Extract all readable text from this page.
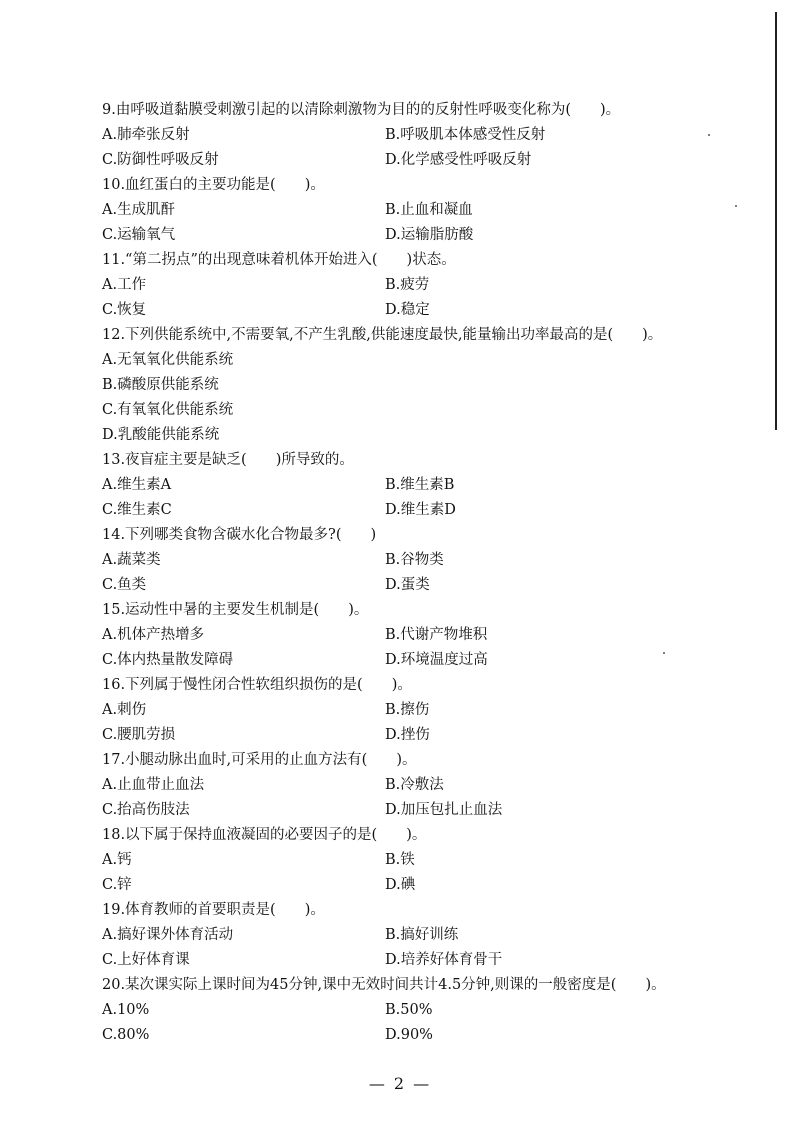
9.由呼吸道黏膜受刺激引起的以清除刺激物为目的的反射性呼吸变化称为(　　)。
A.肺牵张反射	B.呼吸肌本体感受性反射
C.防御性呼吸反射	D.化学感受性呼吸反射
10.血红蛋白的主要功能是(　　)。
A.生成肌酐	B.止血和凝血
C.运输氧气	D.运输脂肪酸
11.“第二拐点”的出现意味着机体开始进入(　　)状态。
A.工作	B.疲劳
C.恢复	D.稳定
12.下列供能系统中,不需要氧,不产生乳酸,供能速度最快,能量输出功率最高的是(　　)。
A.无氧氧化供能系统
B.磷酸原供能系统
C.有氧氧化供能系统
D.乳酸能供能系统
13.夜盲症主要是缺乏(　　)所导致的。
A.维生素A	B.维生素B
C.维生素C	D.维生素D
14.下列哪类食物含碳水化合物最多?(　　)
A.蔬菜类	B.谷物类
C.鱼类	D.蛋类
15.运动性中暑的主要发生机制是(　　)。
A.机体产热增多	B.代谢产物堆积
C.体内热量散发障碍	D.环境温度过高
16.下列属于慢性闭合性软组织损伤的是(　　)。
A.刺伤	B.擦伤
C.腰肌劳损	D.挫伤
17.小腿动脉出血时,可采用的止血方法有(　　)。
A.止血带止血法	B.冷敷法
C.抬高伤肢法	D.加压包扎止血法
18.以下属于保持血液凝固的必要因子的是(　　)。
A.钙	B.铁
C.锌	D.碘
19.体育教师的首要职责是(　　)。
A.搞好课外体育活动	B.搞好训练
C.上好体育课	D.培养好体育骨干
20.某次课实际上课时间为45分钟,课中无效时间共计4.5分钟,则课的一般密度是(　　)。
A.10%	B.50%
C.80%	D.90%
— 2 —
